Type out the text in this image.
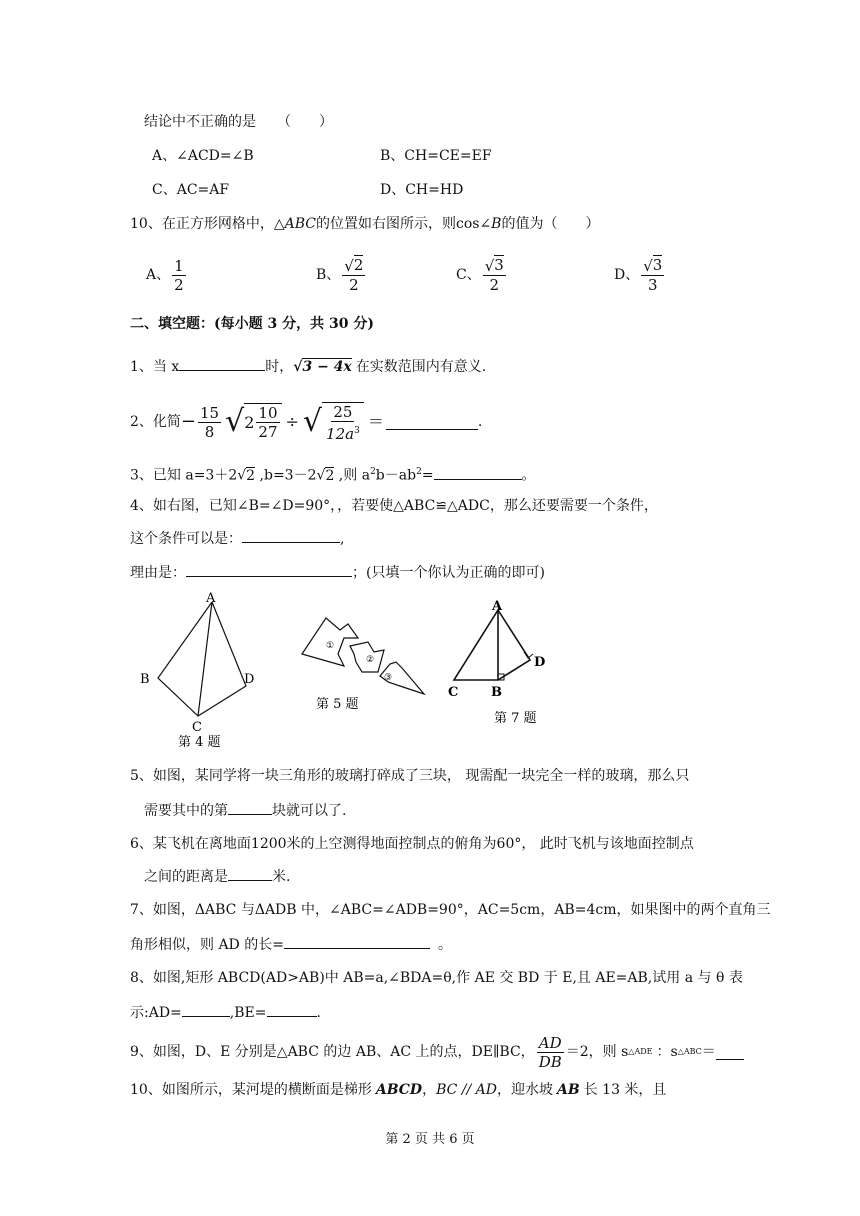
结论中不正确的是　　（　　）
A、∠ACD=∠B	B、CH=CE=EF
C、AC=AF	D、CH=HD
10、在正方形网格中，△ABC的位置如右图所示，则cos∠B的值为（　　）
A、 $\frac{1}{2}$	B、 $\frac{√2}{2}$	C、 $\frac{√3}{2}$	D、 $\frac{√3}{3}$
二、填空题：(每小题 3 分，共 30 分)
1、当 x	时，√3 − 4x 在实数范围内有意义.
2、化简 − $\frac{15}{8}$ √ $2 \frac{10}{27}$ ÷ √ $\frac{25}{12a^3}$ ＝	.
3、已知 a=3＋2√2 ,b=3－2√2 ,则 $a^2b-ab^2=$	。
4、如右图，已知∠B=∠D=90°，，若要使△ABC≌△ADC，那么还要需要一个条件，
这个条件可以是：	,
理由是：	；(只填一个你认为正确的即可)
A
B
C
D
第 4 题
①
②
③
第 5 题
A
C	B
D
第 7 题
5、如图，某同学将一块三角形的玻璃打碎成了三块， 现需配一块完全一样的玻璃，那么只
需要其中的第	块就可以了.
6、某飞机在离地面1200米的上空测得地面控制点的俯角为60°， 此时飞机与该地面控制点
之间的距离是	米.
7、如图，ΔABC 与ΔADB 中，∠ABC=∠ADB=90°，AC=5cm，AB=4cm，如果图中的两个直角三
角形相似，则 AD 的长=	。
8、如图,矩形 ABCD(AD>AB)中 AB=a,∠BDA=θ,作 AE 交 BD 于 E,且 AE=AB,试用 a 与 θ 表
示:AD=	,BE=	.
9、如图，D、E 分别是△ABC 的边 AB、AC 上的点，DE∥BC， $\frac{AD}{DB} =2$，则 s △ADE ：s △ABC ＝
10、如图所示，某河堤的横断面是梯形 ABCD，BC // AD，迎水坡 AB 长 13 米，且
第 2 页 共 6 页
